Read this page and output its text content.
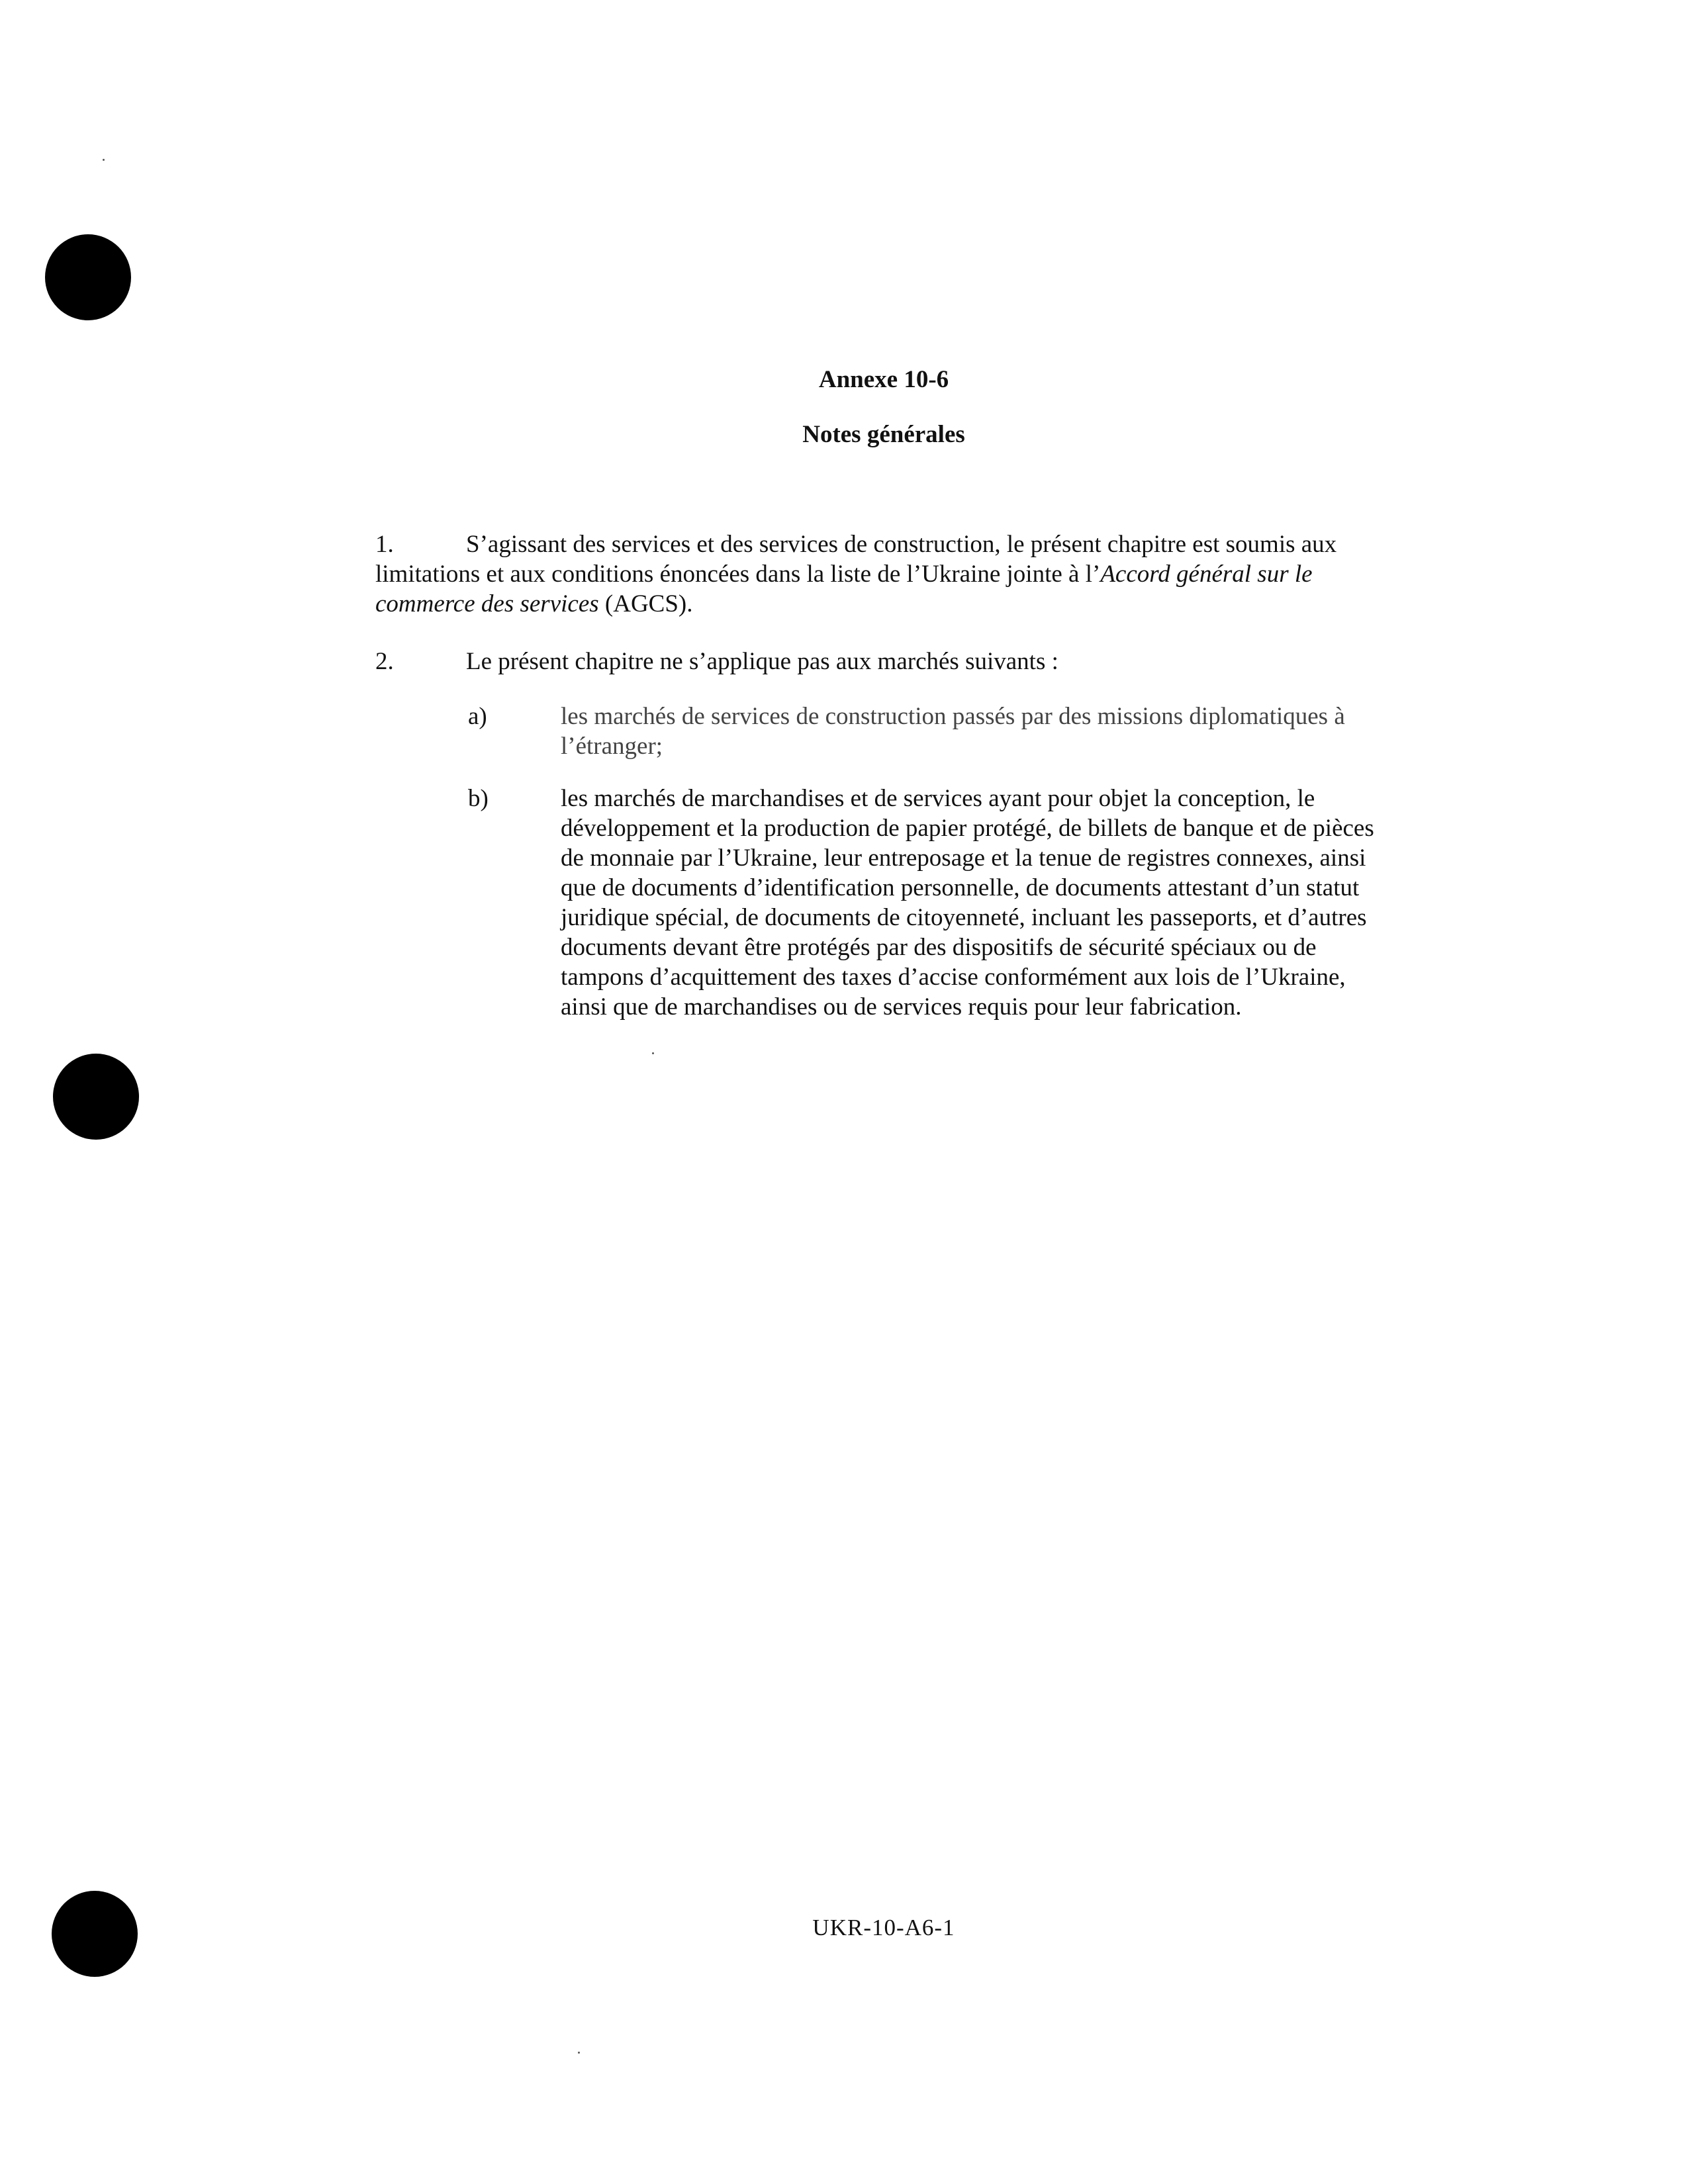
Annexe 10-6
Notes générales

1.	S’agissant des services et des services de construction, le présent chapitre est soumis aux limitations et aux conditions énoncées dans la liste de l’Ukraine jointe à l’Accord général sur le commerce des services (AGCS).

2.	Le présent chapitre ne s’applique pas aux marchés suivants :

a)	les marchés de services de construction passés par des missions diplomatiques à l’étranger;

b)	les marchés de marchandises et de services ayant pour objet la conception, le développement et la production de papier protégé, de billets de banque et de pièces de monnaie par l’Ukraine, leur entreposage et la tenue de registres connexes, ainsi que de documents d’identification personnelle, de documents attestant d’un statut juridique spécial, de documents de citoyenneté, incluant les passeports, et d’autres documents devant être protégés par des dispositifs de sécurité spéciaux ou de tampons d’acquittement des taxes d’accise conformément aux lois de l’Ukraine, ainsi que de marchandises ou de services requis pour leur fabrication.

UKR-10-A6-1
